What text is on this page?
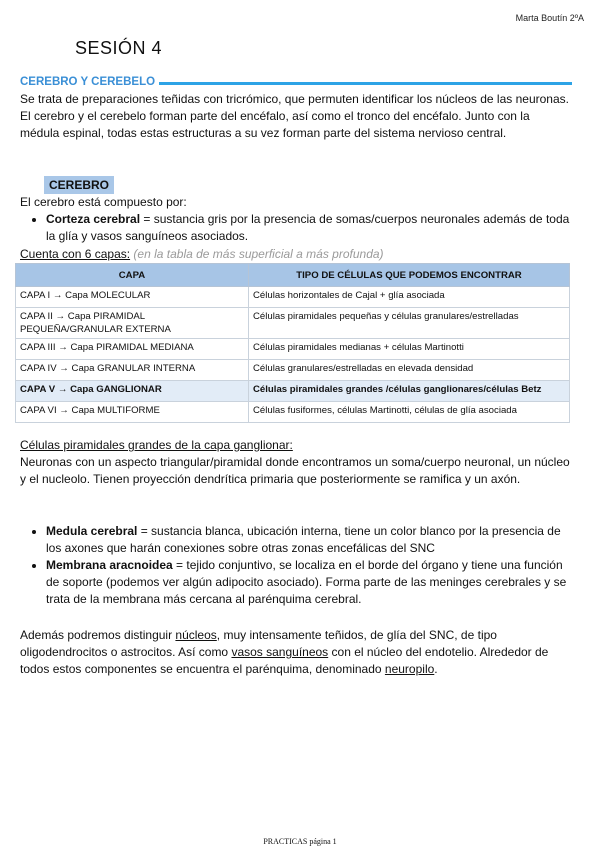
Marta Boutín 2ºA
SESIÓN 4
CEREBRO Y CEREBELO

Se trata de preparaciones teñidas con tricrómico, que permuten identificar los núcleos de las neuronas.

El cerebro y el cerebelo forman parte del encéfalo, así como el tronco del encéfalo. Junto con la médula espinal, todas estas estructuras a su vez forman parte del sistema nervioso central.

CEREBRO

El cerebro está compuesto por:

• Corteza cerebral = sustancia gris por la presencia de somas/cuerpos neuronales además de toda la glía y vasos sanguíneos asociados.
Cuenta con 6 capas: (en la tabla de más superficial a más profunda)
CAPA	TIPO DE CÉLULAS QUE PODEMOS ENCONTRAR
CAPA I → Capa MOLECULAR	Células horizontales de Cajal + glía asociada
CAPA II → Capa PIRAMIDAL PEQUEÑA/GRANULAR EXTERNA	Células piramidales pequeñas y células granulares/estrelladas
CAPA III → Capa PIRAMIDAL MEDIANA	Células piramidales medianas + células Martinotti
CAPA IV → Capa GRANULAR INTERNA	Células granulares/estrelladas en elevada densidad
CAPA V → Capa GANGLIONAR	Células piramidales grandes /células ganglionares/células Betz
CAPA VI → Capa MULTIFORME	Células fusiformes, células Martinotti, células de glía asociada

Células piramidales grandes de la capa ganglionar:

Neuronas con un aspecto triangular/piramidal donde encontramos un soma/cuerpo neuronal, un núcleo y el nucleolo. Tienen proyección dendrítica primaria que posteriormente se ramifica y un axón.

• Medula cerebral = sustancia blanca, ubicación interna, tiene un color blanco por la presencia de los axones que harán conexiones sobre otras zonas encefálicas del SNC
• Membrana aracnoidea = tejido conjuntivo, se localiza en el borde del órgano y tiene una función de soporte (podemos ver algún adipocito asociado). Forma parte de las meninges cerebrales y se trata de la membrana más cercana al parénquima cerebral.

Además podremos distinguir núcleos, muy intensamente teñidos, de glía del SNC, de tipo oligodendrocitos o astrocitos. Así como vasos sanguíneos con el núcleo del endotelio. Alrededor de todos estos componentes se encuentra el parénquima, denominado neuropilo.

PRACTICAS página 1
